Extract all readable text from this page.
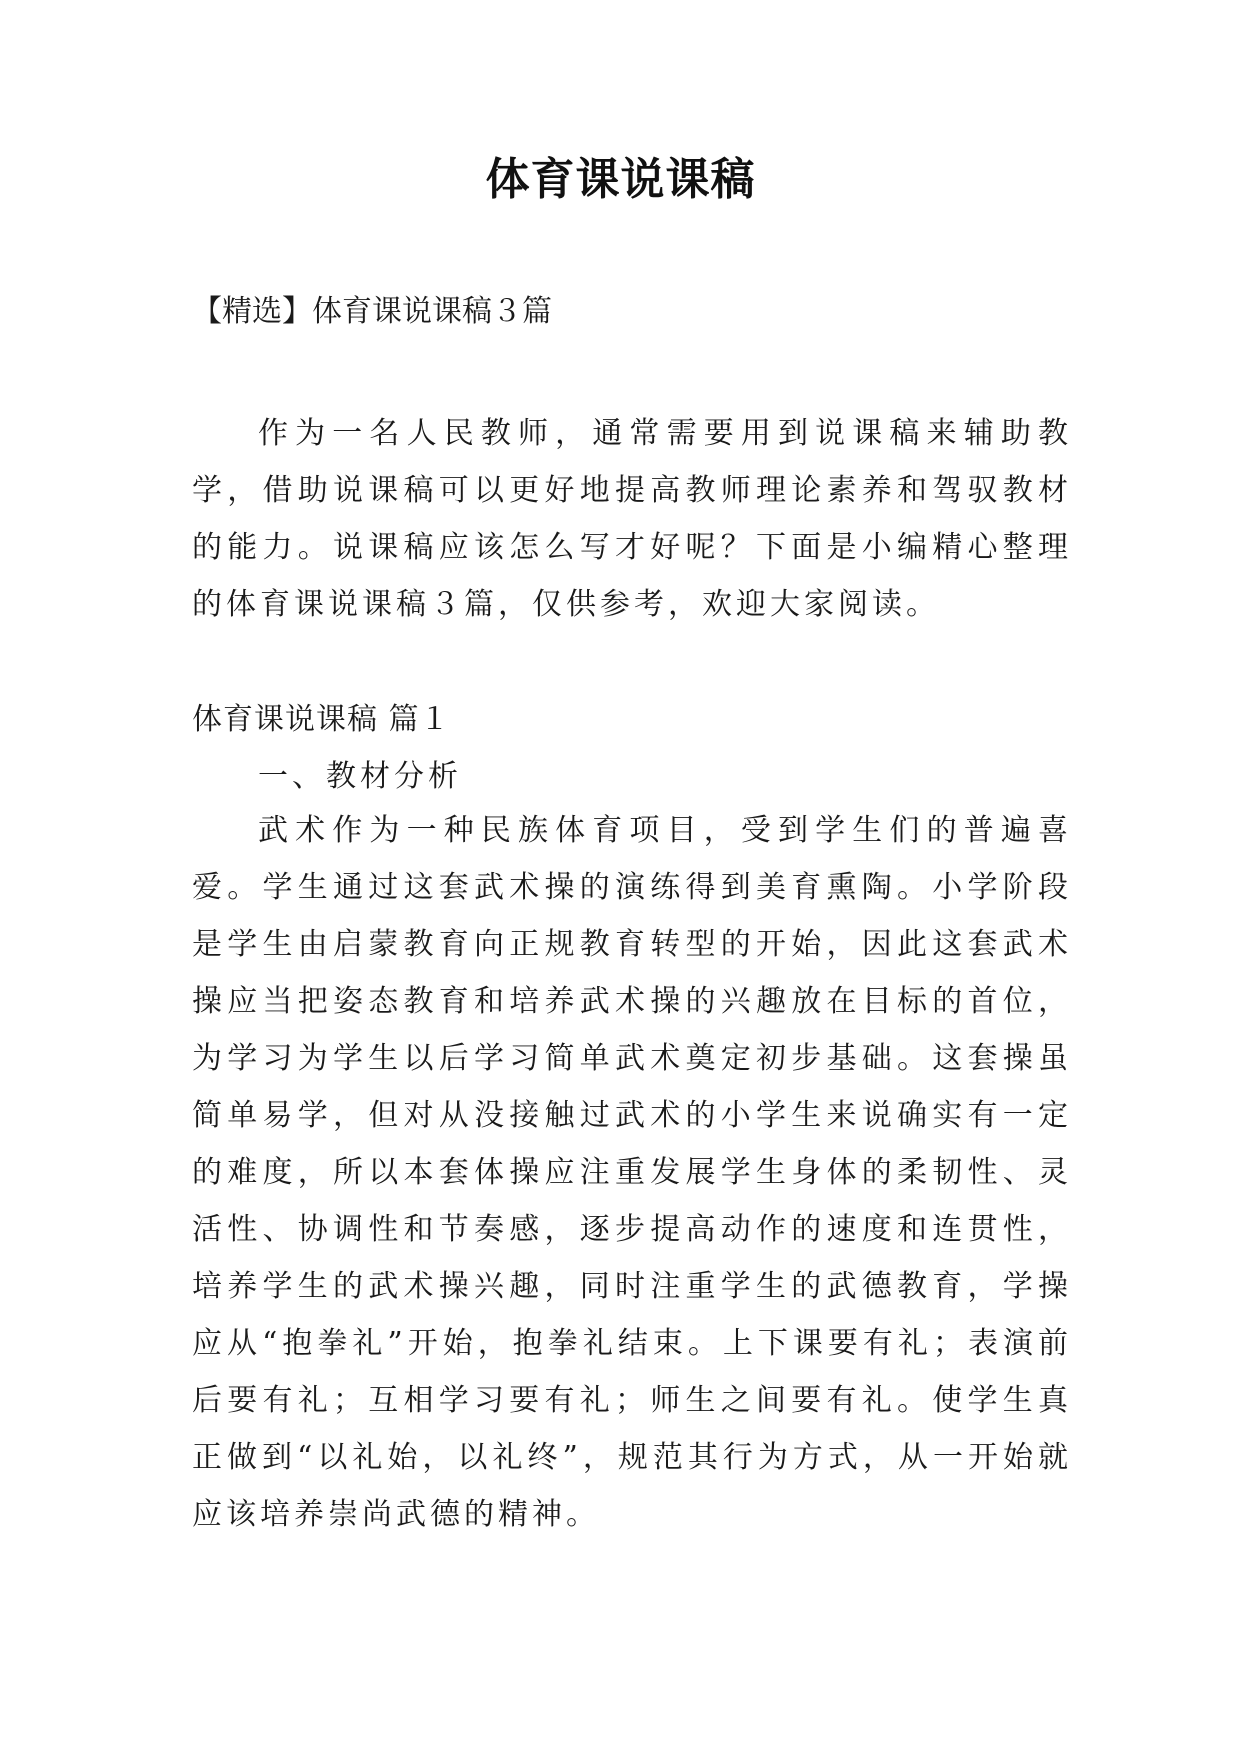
体育课说课稿

【精选】体育课说课稿３篇

作为一名人民教师，通常需要用到说课稿来辅助教学，借助说课稿可以更好地提高教师理论素养和驾驭教材的能力。说课稿应该怎么写才好呢？下面是小编精心整理的体育课说课稿３篇，仅供参考，欢迎大家阅读。

体育课说课稿 篇１

一、教材分析

武术作为一种民族体育项目，受到学生们的普遍喜爱。学生通过这套武术操的演练得到美育熏陶。小学阶段是学生由启蒙教育向正规教育转型的开始，因此这套武术操应当把姿态教育和培养武术操的兴趣放在目标的首位，为学习为学生以后学习简单武术奠定初步基础。这套操虽简单易学，但对从没接触过武术的小学生来说确实有一定的难度，所以本套体操应注重发展学生身体的柔韧性、灵活性、协调性和节奏感，逐步提高动作的速度和连贯性，培养学生的武术操兴趣，同时注重学生的武德教育，学操应从“抱拳礼”开始，抱拳礼结束。上下课要有礼；表演前后要有礼；互相学习要有礼；师生之间要有礼。使学生真正做到“以礼始，以礼终”，规范其行为方式，从一开始就应该培养崇尚武德的精神。
